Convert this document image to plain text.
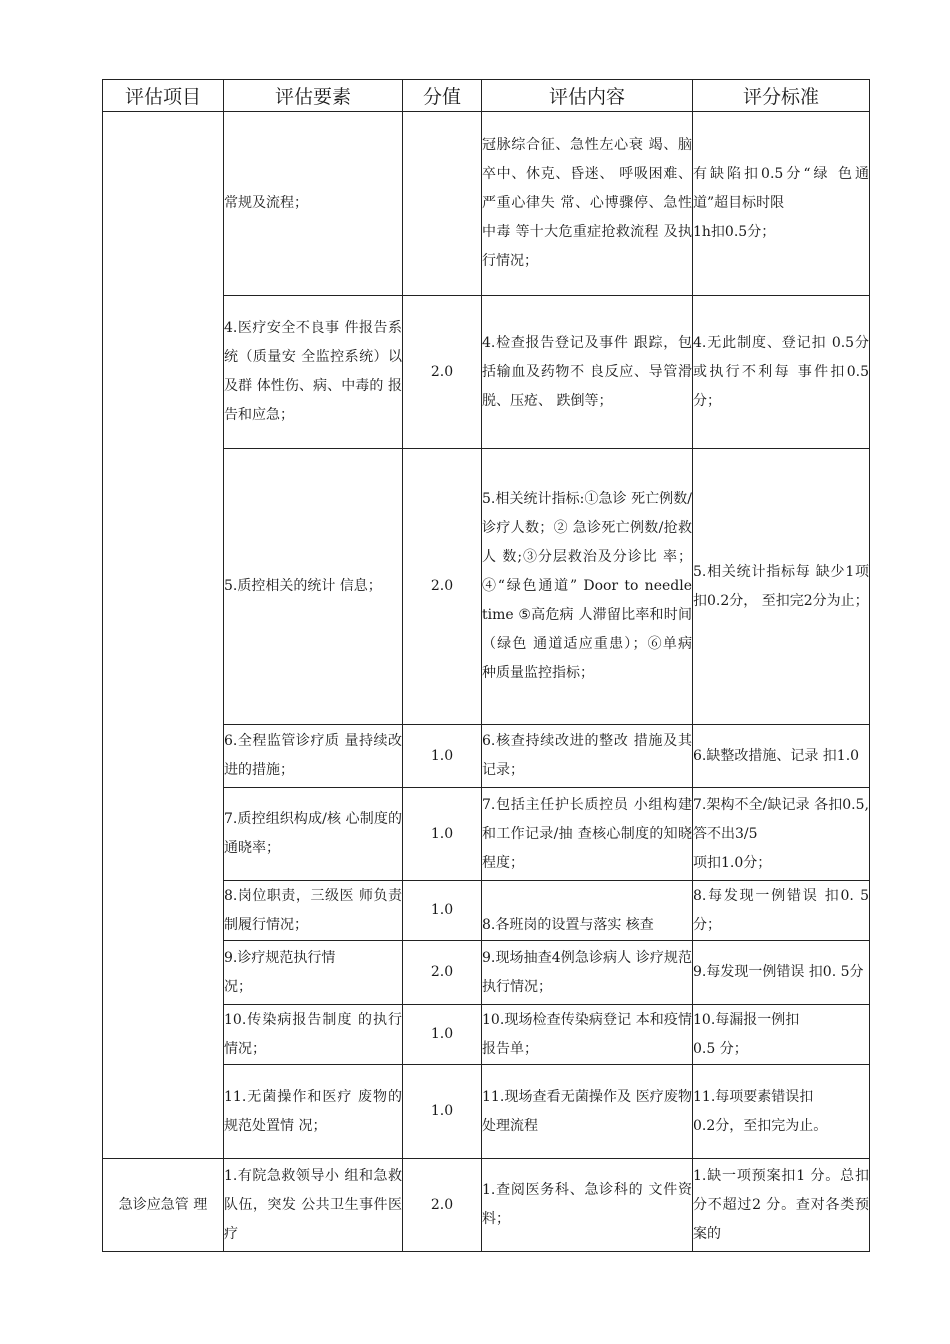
评估项目	评估要素	分值	评估内容	评分标准
	常规及流程；		冠脉综合征、急性左心衰 竭、脑卒中、休克、昏迷、 呼吸困难、严重心律失 常、心博骤停、急性中毒 等十大危重症抢救流程 及执行情况；	有缺陷扣0.5分“绿 色通道”超目标时限
1h扣0.5分；
	4.医疗安全不良事 件报告系统（质量安 全监控系统）以及群 体性伤、病、中毒的 报告和应急；	2.0	4.检查报告登记及事件 跟踪，包括输血及药物不 良反应、导管滑脱、压疮、 跌倒等；	4.无此制度、登记扣 0.5分或执行不利每 事件扣0.5分；
	5.质控相关的统计 信息；	2.0	5.相关统计指标:①急诊 死亡例数/诊疗人数；② 急诊死亡例数/抢救人 数;③分层救治及分诊比 率；④“绿色通道” Door to needle time ⑤高危病 人滞留比率和时间（绿色 通道适应重患）；⑥单病 种质量监控指标；	5.相关统计指标每 缺少1项扣0.2分， 至扣完2分为止；
	6.全程监管诊疗质 量持续改进的措施；	1.0	6.核查持续改进的整改 措施及其记录；	6.缺整改措施、记录 扣1.0
	7.质控组织构成/核 心制度的通晓率；	1.0	7.包括主任护长质控员 小组构建和工作记录/抽 查核心制度的知晓程度；	7.架构不全/缺记录 各扣0.5,答不出3/5
项扣1.0分；
	8.岗位职责，三级医 师负责制履行情况；	1.0	8.各班岗的设置与落实 核查	8.每发现一例错误 扣0. 5分；
	9.诊疗规范执行情
况；	2.0	9.现场抽查4例急诊病人 诊疗规范执行情况；	9.每发现一例错误 扣0. 5分
	10.传染病报告制度 的执行情况；	1.0	10.现场检查传染病登记 本和疫情报告单；	10.每漏报一例扣
0.5 分；
	11.无菌操作和医疗 废物的规范处置情 况；	1.0	11.现场查看无菌操作及 医疗废物处理流程	11.每项要素错误扣
0.2分，至扣完为止。
急诊应急管 理	1.有院急救领导小 组和急救队伍，突发 公共卫生事件医疗	2.0	1.查阅医务科、急诊科的 文件资料；	1.缺一项预案扣1 分。总扣分不超过2 分。查对各类预案的
